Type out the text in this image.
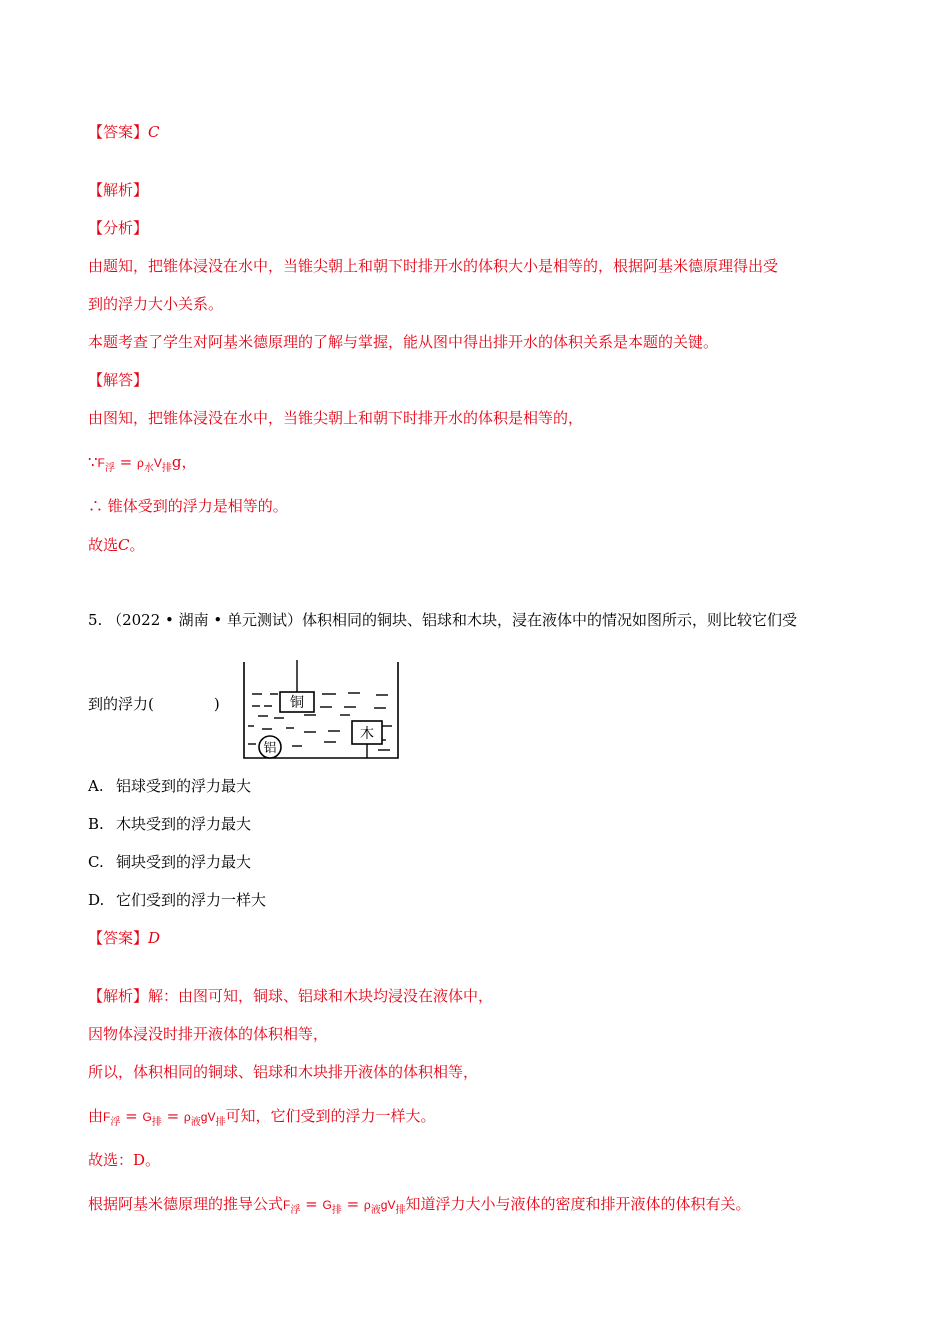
【答案】C
【解析】
【分析】
由题知，把锥体浸没在水中，当锥尖朝上和朝下时排开水的体积大小是相等的，根据阿基米德原理得出受
到的浮力大小关系。
本题考查了学生对阿基米德原理的了解与掌握，能从图中得出排开水的体积关系是本题的关键。
【解答】
由图知，把锥体浸没在水中，当锥尖朝上和朝下时排开水的体积是相等的，
$\because F_浮 = \rho_水V_排g$，
∴ 锥体受到的浮力是相等的。
故选C。
5. （2022 • 湖南 • 单元测试）体积相同的铜块、铝球和木块，浸在液体中的情况如图所示，则比较它们受
到的浮力(　　　　)	铜
木
铝
A. 铝球受到的浮力最大
B. 木块受到的浮力最大
C. 铜块受到的浮力最大
D. 它们受到的浮力一样大
【答案】D
【解析】解：由图可知，铜球、铝球和木块均浸没在液体中，
因物体浸没时排开液体的体积相等，
所以，体积相同的铜球、铝球和木块排开液体的体积相等，
由$F_浮 = G_排 = \rho_液gV_排$可知，它们受到的浮力一样大。
故选：D。
根据阿基米德原理的推导公式$F_浮 = G_排 = \rho_液gV_排$知道浮力大小与液体的密度和排开液体的体积有关。
